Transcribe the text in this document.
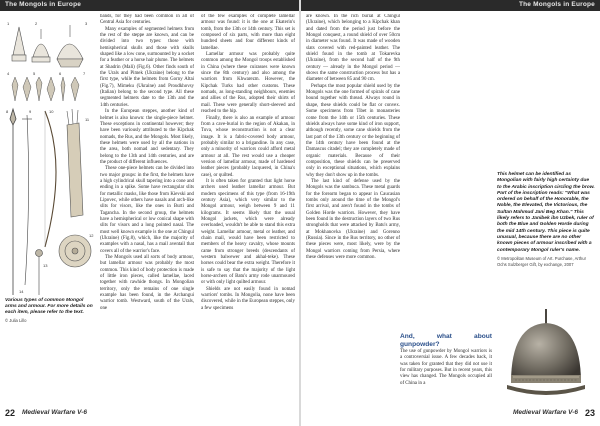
The Mongols in Europe	The Mongols in Europe
1	2	3
4	5	6	7
8	9	10
11
12
13
14
Various types of common Mongol arms and armour. For more details on each item, please refer to the text.
© Julia Lillo

bands, for they had been common in all of Central Asia for centuries.

Many examples of segmented helmets from the rest of the steppe are known, and can be divided into two types: those with hemispherical skulls and those with skulls shaped like a low cone, surmounted by a socket for a feather or a horse hair plume. The helmets at Shadrin (Mali) (Fig.6). Other finds south of the Urals and Pimek (Ukraine) belong to the first type, while the helmets from Gorny Altai (Fig.7), Mimeku (Ukraine) and Proudkhovsy (Italian) belong to the second type. All these segmented helmets date to the 13th and the 14th centuries.

In the European steppes, another kind of helmet is also known: the single-piece helmet. These exceptions in continental however; they have been variously attributed to the Kipchak nomads, the Rus, and the Mongols. Most likely, these helmets were used by all the nations in the area, both nomad and sedentary. They belong to the 13th and 14th centuries, and are the product of different influences.

These one-piece helmets can be divided into two major groups: in the first, the helmets have a high cylindrical skull tapering into a cone and ending in a spike. Some have rectangular slits for metallic masks, like those from Kievski and Lipovec, while others have nasals and arch-like slits for visors, like the ones in Burti and Tagancha. In the second group, the helmets have a hemispherical or low conical shape with slits for visors and a long pointed nasal. The most well known example is the one at Chingul (Ukraine) (Fig.8), which, like the majority of examples with a nasal, has a mail aventail that covers all of the warrior's face.

The Mongols used all sorts of body armour, but lamellar armour was probably the most common. This kind of body protection is made of little iron pieces, called lamellae, laced together with rawhide thongs. In Mongolian territory, only the remains of one single example has been found, in the Archangui warrior tomb. Westward, south of the Urals, one

of the few examples of complete lamellar armour was found: it is the one at Ekaterin's tomb, from the 13th or 14th century. This set is composed of six parts, with more than eight hundred sheets and four different kinds of lamellae.

Lamellar armour was probably quite common among the Mongol troops established in China (where these cuirasses were known since the 8th century) and also among the warriors from Khwarezm. However, the Kipchak Turks had other customs. These nomads, as long-standing neighbours, enemies and allies of the Rus, adopted their shirts of mail. These were generally short-sleeved and reached to the hip.

Finally, there is also an example of armour from a cave-burial in the region of Akakan, in Tuva, whose reconstruction is not a clear image. It is a fabric-covered body armour, probably similar to a brigandine. In any case, only a minority of warriors could afford metal armour at all. The rest would use a cheaper version of lamellar armour, made of hardened leather pieces (probably lacquered, in China's case), or quilted.

It is often taken for granted that light horse archers used leather lamellar armour. But modern specimens of this type (from 16-19th century Asia), which very similar to the Mongol armour, weigh between 9 and 11 kilograms. It seems likely that the usual Mongol jackets, which were already overloaded, wouldn't be able to stand this extra weight. Lamellar armour, metal or leather, and chain mail, would have been restricted to members of the heavy cavalry, whose mounts came from stronger breeds (descendants of western balwewer and akhal-teke). These horses could bear the extra weight. Therefore it is safe to say that the majority of the light horse-archers of Batu's army rode unarmoured or with only light quilted armour.

Shields are not easily found in nomad warriors' tombs. In Mongolia, none have been discovered, while in the European steppes, only a few specimens

are known. In the rich burial at Chingul (Ukraine), which belonging to a Kipchak khan and dated from the period just before the Mongol conquest, a round shield of over 50cm in diameter was found. It was made of wooden slats covered with red-painted leather. The shield found in the tomb at Tokarevka (Ukraine), from the second half of the 9th century — already in the Mongol period — shows the same construction process but has a diameter of between 85 and 90 cm.

Perhaps the most popular shield used by the Mongols was the one formed of spirals of cane bound together with thread. Always round in shape, these shields could be flat or convex. Some specimens from Tibet in monasteries come from the 14th or 15th centuries. These shields always have some kind of iron support, although recently, some cane shields from the last part of the 13th century or the beginning of the 14th century have been found at the Damascus citadel; they are completely made of organic materials. Because of their composition, these shields can be preserved only in exceptional situations, which explains why they don't show up in the tombs.

The last kind of defense used by the Mongols was the sambuca. These metal guards for the forearm began to appear in Caucasian tombs only around the time of the Mongol's first arrival, and aren't found in the tombs of Golden Horde warriors. However, they have been found in the destruction layers of two Rus strongholds that were attacked by Batu's army, at Mokhanovka (Ukraine) and Gorenno (Russia). Since in the Rus territory, no other of these pieces were, most likely, were by the Mongol warriors coming from Persia, where these defenses were more common.

And, what about gunpowder?

The use of gunpowder by Mongol warriors is a controversial issue. A few decades back, it was taken for granted that they did not use it for military purposes. But in recent years, this view has changed. The Mongols occupied all of China in a

This helmet can be identified as Mongolian with fairly high certainty due to the Arabic inscription circling the brow. Part of the inscription reads: "What was ordered on behalf of the Honorable, the Noble, the Elevated, the Victorious, the Sultan Mahmud Jani Beg Khan." This likely refers to Janibek ibn Uzbek, ruler of both the Blue and Golden Horde during the mid 14th century. This piece is quite unusual, because there are no other known pieces of armour inscribed with a contemporary Mongol ruler's name.
© Metropolitan Museum of Art. Purchase, Arthur Ochs Sulzberger Gift, by exchange, 2007
22 Medieval Warfare V-6	23
Medieval Warfare V-6
